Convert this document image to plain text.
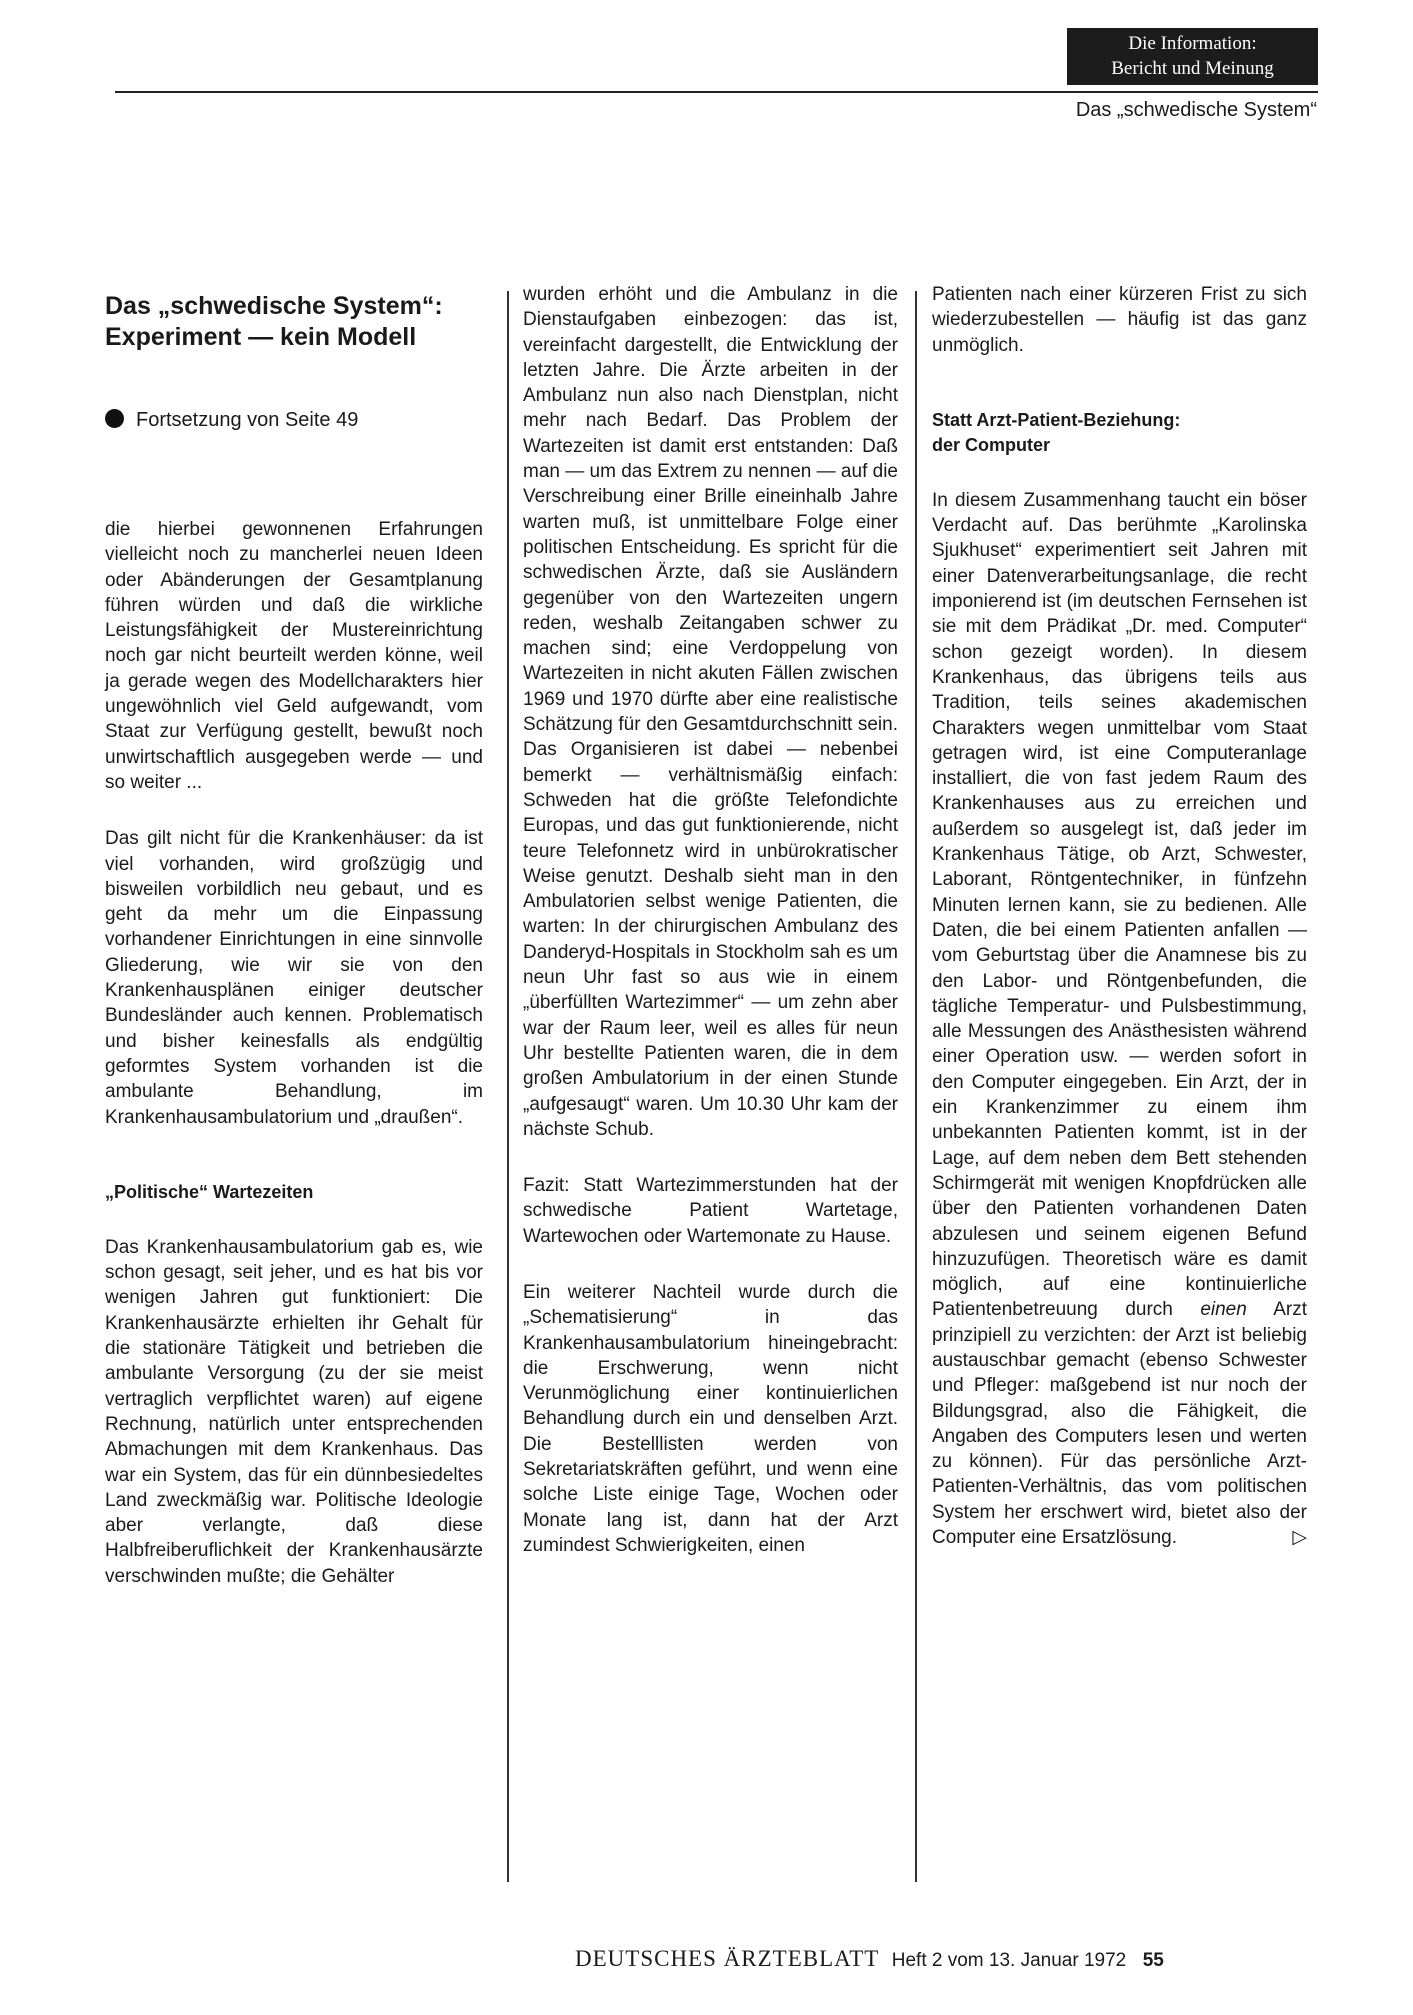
Die Information:
Bericht und Meinung
Das „schwedische System“
Das „schwedische System“:
Experiment — kein Modell

Fortsetzung von Seite 49

die hierbei gewonnenen Erfahrungen vielleicht noch zu mancherlei neuen Ideen oder Abänderungen der Gesamtplanung führen würden und daß die wirkliche Leistungsfähigkeit der Mustereinrichtung noch gar nicht beurteilt werden könne, weil ja gerade wegen des Modellcharakters hier ungewöhnlich viel Geld aufgewandt, vom Staat zur Verfügung gestellt, bewußt noch unwirtschaftlich ausgegeben werde — und so weiter ...

Das gilt nicht für die Krankenhäuser: da ist viel vorhanden, wird großzügig und bisweilen vorbildlich neu gebaut, und es geht da mehr um die Einpassung vorhandener Einrichtungen in eine sinnvolle Gliederung, wie wir sie von den Krankenhausplänen einiger deutscher Bundesländer auch kennen. Problematisch und bisher keinesfalls als endgültig geformtes System vorhanden ist die ambulante Behandlung, im Krankenhausambulatorium und „draußen“.

„Politische“ Wartezeiten

Das Krankenhausambulatorium gab es, wie schon gesagt, seit jeher, und es hat bis vor wenigen Jahren gut funktioniert: Die Krankenhausärzte erhielten ihr Gehalt für die stationäre Tätigkeit und betrieben die ambulante Versorgung (zu der sie meist vertraglich verpflichtet waren) auf eigene Rechnung, natürlich unter entsprechenden Abmachungen mit dem Krankenhaus. Das war ein System, das für ein dünnbesiedeltes Land zweckmäßig war. Politische Ideologie aber verlangte, daß diese Halbfreiberuflichkeit der Krankenhausärzte verschwinden mußte; die Gehälter

wurden erhöht und die Ambulanz in die Dienstaufgaben einbezogen: das ist, vereinfacht dargestellt, die Entwicklung der letzten Jahre. Die Ärzte arbeiten in der Ambulanz nun also nach Dienstplan, nicht mehr nach Bedarf. Das Problem der Wartezeiten ist damit erst entstanden: Daß man — um das Extrem zu nennen — auf die Verschreibung einer Brille eineinhalb Jahre warten muß, ist unmittelbare Folge einer politischen Entscheidung. Es spricht für die schwedischen Ärzte, daß sie Ausländern gegenüber von den Wartezeiten ungern reden, weshalb Zeitangaben schwer zu machen sind; eine Verdoppelung von Wartezeiten in nicht akuten Fällen zwischen 1969 und 1970 dürfte aber eine realistische Schätzung für den Gesamtdurchschnitt sein. Das Organisieren ist dabei — nebenbei bemerkt — verhältnismäßig einfach: Schweden hat die größte Telefondichte Europas, und das gut funktionierende, nicht teure Telefonnetz wird in unbürokratischer Weise genutzt. Deshalb sieht man in den Ambulatorien selbst wenige Patienten, die warten: In der chirurgischen Ambulanz des Danderyd-Hospitals in Stockholm sah es um neun Uhr fast so aus wie in einem „überfüllten Wartezimmer“ — um zehn aber war der Raum leer, weil es alles für neun Uhr bestellte Patienten waren, die in dem großen Ambulatorium in der einen Stunde „aufgesaugt“ waren. Um 10.30 Uhr kam der nächste Schub.

Fazit: Statt Wartezimmerstunden hat der schwedische Patient Wartetage, Wartewochen oder Wartemonate zu Hause.

Ein weiterer Nachteil wurde durch die „Schematisierung“ in das Krankenhausambulatorium hineingebracht: die Erschwerung, wenn nicht Verunmöglichung einer kontinuierlichen Behandlung durch ein und denselben Arzt. Die Bestelllisten werden von Sekretariatskräften geführt, und wenn eine solche Liste einige Tage, Wochen oder Monate lang ist, dann hat der Arzt zumindest Schwierigkeiten, einen

Patienten nach einer kürzeren Frist zu sich wiederzubestellen — häufig ist das ganz unmöglich.

Statt Arzt-Patient-Beziehung:
der Computer

In diesem Zusammenhang taucht ein böser Verdacht auf. Das berühmte „Karolinska Sjukhuset“ experimentiert seit Jahren mit einer Datenverarbeitungsanlage, die recht imponierend ist (im deutschen Fernsehen ist sie mit dem Prädikat „Dr. med. Computer“ schon gezeigt worden). In diesem Krankenhaus, das übrigens teils aus Tradition, teils seines akademischen Charakters wegen unmittelbar vom Staat getragen wird, ist eine Computeranlage installiert, die von fast jedem Raum des Krankenhauses aus zu erreichen und außerdem so ausgelegt ist, daß jeder im Krankenhaus Tätige, ob Arzt, Schwester, Laborant, Röntgentechniker, in fünfzehn Minuten lernen kann, sie zu bedienen. Alle Daten, die bei einem Patienten anfallen — vom Geburtstag über die Anamnese bis zu den Labor- und Röntgenbefunden, die tägliche Temperatur- und Pulsbestimmung, alle Messungen des Anästhesisten während einer Operation usw. — werden sofort in den Computer eingegeben. Ein Arzt, der in ein Krankenzimmer zu einem ihm unbekannten Patienten kommt, ist in der Lage, auf dem neben dem Bett stehenden Schirmgerät mit wenigen Knopfdrücken alle über den Patienten vorhandenen Daten abzulesen und seinem eigenen Befund hinzuzufügen. Theoretisch wäre es damit möglich, auf eine kontinuierliche Patientenbetreuung durch einen Arzt prinzipiell zu verzichten: der Arzt ist beliebig austauschbar gemacht (ebenso Schwester und Pfleger: maßgebend ist nur noch der Bildungsgrad, also die Fähigkeit, die Angaben des Computers lesen und werten zu können). Für das persönliche Arzt-Patienten-Verhältnis, das vom politischen System her erschwert wird, bietet also der Computer eine Ersatzlösung.	▷

DEUTSCHES ÄRZTEBLATT Heft 2 vom 13. Januar 1972 55
